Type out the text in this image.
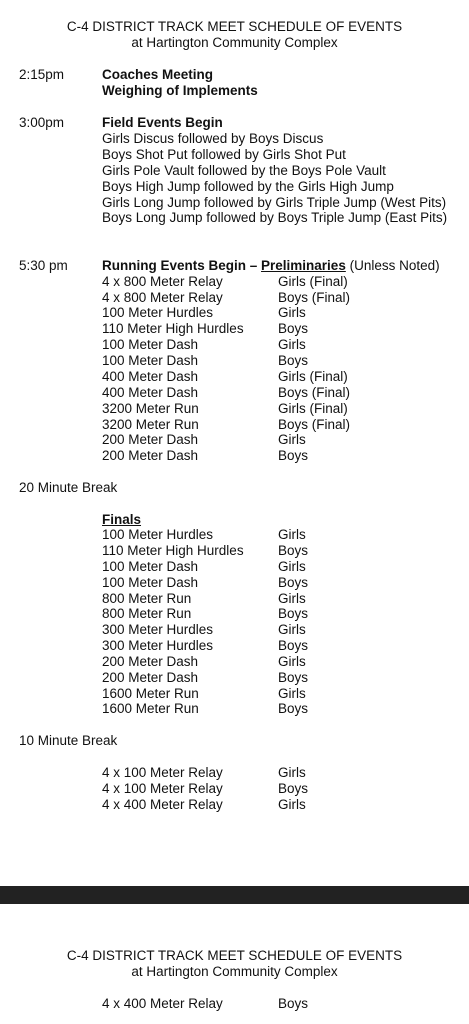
C-4 DISTRICT TRACK MEET SCHEDULE OF EVENTS
at Hartington Community Complex
2:15pm	Coaches Meeting
Weighing of Implements
3:00pm	Field Events Begin
Girls Discus followed by Boys Discus
Boys Shot Put followed by Girls Shot Put
Girls Pole Vault followed by the Boys Pole Vault
Boys High Jump followed by the Girls High Jump
Girls Long Jump followed by Girls Triple Jump (West Pits)
Boys Long Jump followed by Boys Triple Jump (East Pits)
5:30 pm	Running Events Begin – Preliminaries (Unless Noted)
4 x 800 Meter Relay	Girls (Final)
4 x 800 Meter Relay	Boys (Final)
100 Meter Hurdles	Girls
110 Meter High Hurdles	Boys
100 Meter Dash	Girls
100 Meter Dash	Boys
400 Meter Dash	Girls (Final)
400 Meter Dash	Boys (Final)
3200 Meter Run	Girls (Final)
3200 Meter Run	Boys (Final)
200 Meter Dash	Girls
200 Meter Dash	Boys
20 Minute Break
Finals
100 Meter Hurdles	Girls
110 Meter High Hurdles	Boys
100 Meter Dash	Girls
100 Meter Dash	Boys
800 Meter Run	Girls
800 Meter Run	Boys
300 Meter Hurdles	Girls
300 Meter Hurdles	Boys
200 Meter Dash	Girls
200 Meter Dash	Boys
1600 Meter Run	Girls
1600 Meter Run	Boys
10 Minute Break
4 x 100 Meter Relay	Girls
4 x 100 Meter Relay	Boys
4 x 400 Meter Relay	Girls
C-4 DISTRICT TRACK MEET SCHEDULE OF EVENTS
at Hartington Community Complex
4 x 400 Meter Relay	Boys
